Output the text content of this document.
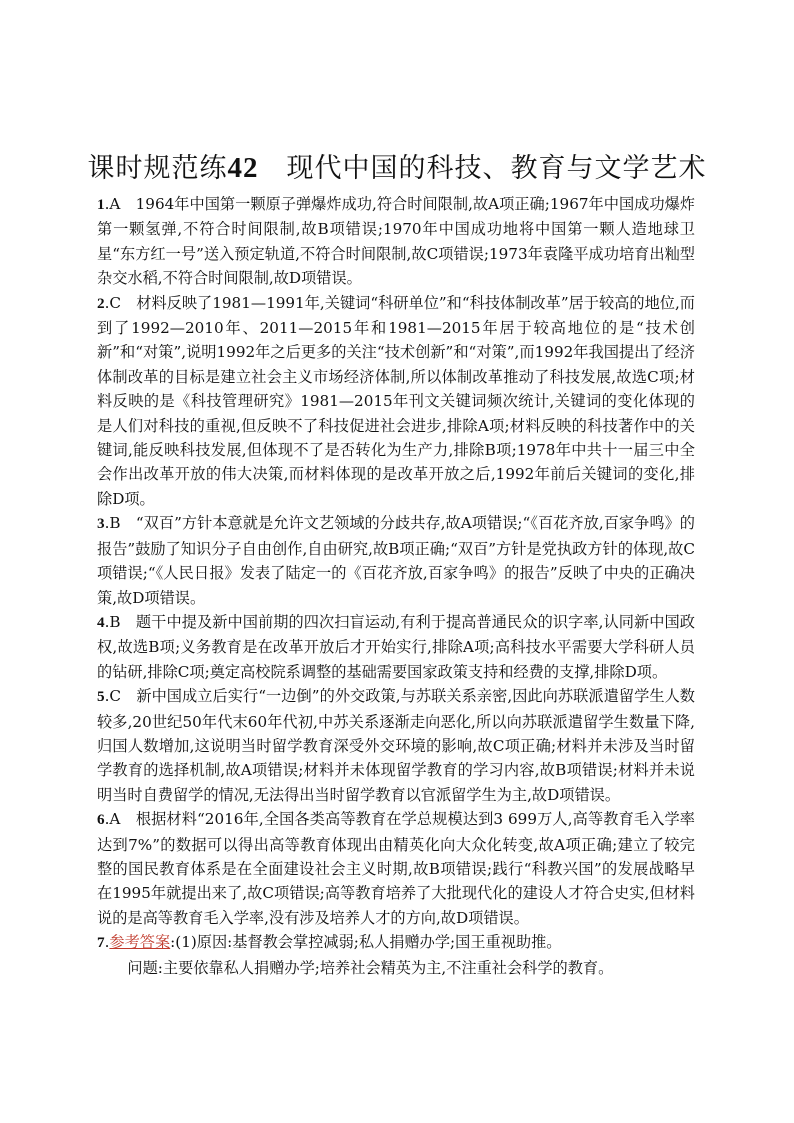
课时规范练42  现代中国的科技、教育与文学艺术

1.A　1964年中国第一颗原子弹爆炸成功,符合时间限制,故A项正确;1967年中国成功爆炸第一颗氢弹,不符合时间限制,故B项错误;1970年中国成功地将中国第一颗人造地球卫星“东方红一号”送入预定轨道,不符合时间限制,故C项错误;1973年袁隆平成功培育出籼型杂交水稻,不符合时间限制,故D项错误。

2.C　材料反映了1981—1991年,关键词“科研单位”和“科技体制改革”居于较高的地位,而到了1992—2010年、2011—2015年和1981—2015年居于较高地位的是“技术创新”和“对策”,说明1992年之后更多的关注“技术创新”和“对策”,而1992年我国提出了经济体制改革的目标是建立社会主义市场经济体制,所以体制改革推动了科技发展,故选C项;材料反映的是《科技管理研究》1981—2015年刊文关键词频次统计,关键词的变化体现的是人们对科技的重视,但反映不了科技促进社会进步,排除A项;材料反映的科技著作中的关键词,能反映科技发展,但体现不了是否转化为生产力,排除B项;1978年中共十一届三中全会作出改革开放的伟大决策,而材料体现的是改革开放之后,1992年前后关键词的变化,排除D项。

3.B　“双百”方针本意就是允许文艺领域的分歧共存,故A项错误;“《百花齐放,百家争鸣》的报告”鼓励了知识分子自由创作,自由研究,故B项正确;“双百”方针是党执政方针的体现,故C项错误;“《人民日报》发表了陆定一的《百花齐放,百家争鸣》的报告”反映了中央的正确决策,故D项错误。

4.B　题干中提及新中国前期的四次扫盲运动,有利于提高普通民众的识字率,认同新中国政权,故选B项;义务教育是在改革开放后才开始实行,排除A项;高科技水平需要大学科研人员的钻研,排除C项;奠定高校院系调整的基础需要国家政策支持和经费的支撑,排除D项。

5.C　新中国成立后实行“一边倒”的外交政策,与苏联关系亲密,因此向苏联派遣留学生人数较多,20世纪50年代末60年代初,中苏关系逐渐走向恶化,所以向苏联派遣留学生数量下降,归国人数增加,这说明当时留学教育深受外交环境的影响,故C项正确;材料并未涉及当时留学教育的选择机制,故A项错误;材料并未体现留学教育的学习内容,故B项错误;材料并未说明当时自费留学的情况,无法得出当时留学教育以官派留学生为主,故D项错误。

6.A　根据材料“2016年,全国各类高等教育在学总规模达到3 699万人,高等教育毛入学率达到7%”的数据可以得出高等教育体现出由精英化向大众化转变,故A项正确;建立了较完整的国民教育体系是在全面建设社会主义时期,故B项错误;践行“科教兴国”的发展战略早在1995年就提出来了,故C项错误;高等教育培养了大批现代化的建设人才符合史实,但材料说的是高等教育毛入学率,没有涉及培养人才的方向,故D项错误。

7.参考答案:(1)原因:基督教会掌控减弱;私人捐赠办学;国王重视助推。

问题:主要依靠私人捐赠办学;培养社会精英为主,不注重社会科学的教育。
